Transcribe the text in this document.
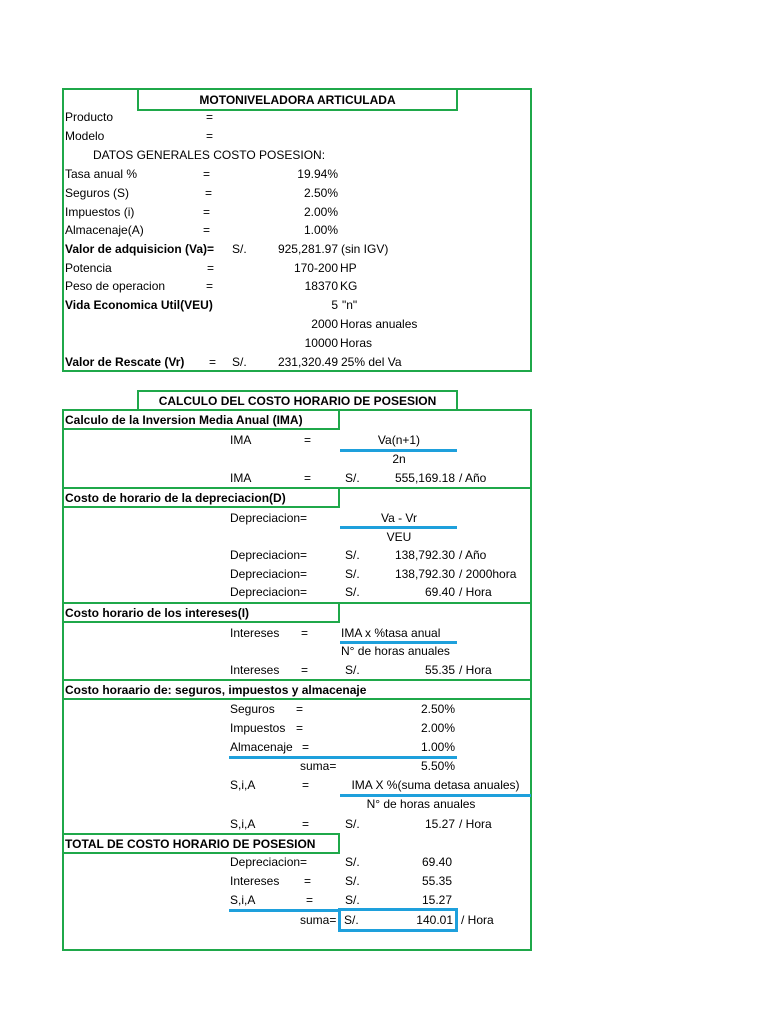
MOTONIVELADORA ARTICULADA
Producto	=
Modelo	=
DATOS GENERALES COSTO POSESION:
Tasa anual %	=	19.94%
Seguros (S)	=	2.50%
Impuestos (i)	=	2.00%
Almacenaje(A)	=	1.00%
Valor de adquisicion (Va)= S/.	925,281.97 (sin IGV)
Potencia	=	170-200 HP
Peso de operacion	=	18370 KG
Vida Economica Util(VEU)	5 "n"
2000 Horas anuales
10000 Horas
Valor de Rescate (Vr) = S/.	231,320.49 25% del Va
CALCULO DEL COSTO HORARIO DE POSESION
Calculo de la Inversion Media Anual (IMA)
IMA	=	Va(n+1)
2n
IMA	=	S/.	555,169.18 / Año
Costo de horario de la depreciacion(D)
Depreciacion=	Va - Vr
VEU
Depreciacion=	S/.	138,792.30 / Año
Depreciacion=	S/.	138,792.30 / 2000hora
Depreciacion=	S/.	69.40 / Hora
Costo horario de los intereses(I)
Intereses =	IMA x %tasa anual
N° de horas anuales
Intereses =	S/.	55.35 / Hora
Costo horaario de: seguros, impuestos y almacenaje
Seguros =	2.50%
Impuestos =	2.00%
Almacenaje =	1.00%
suma=	5.50%
S,i,A	=	IMA X %(suma detasa anuales)
N° de horas anuales
S,i,A	=	S/.	15.27 / Hora
TOTAL DE COSTO HORARIO DE POSESION
Depreciacion=	S/.	69.40
Intereses =	S/.	55.35
S,i,A	=	S/.	15.27
suma= S/.	140.01 / Hora
